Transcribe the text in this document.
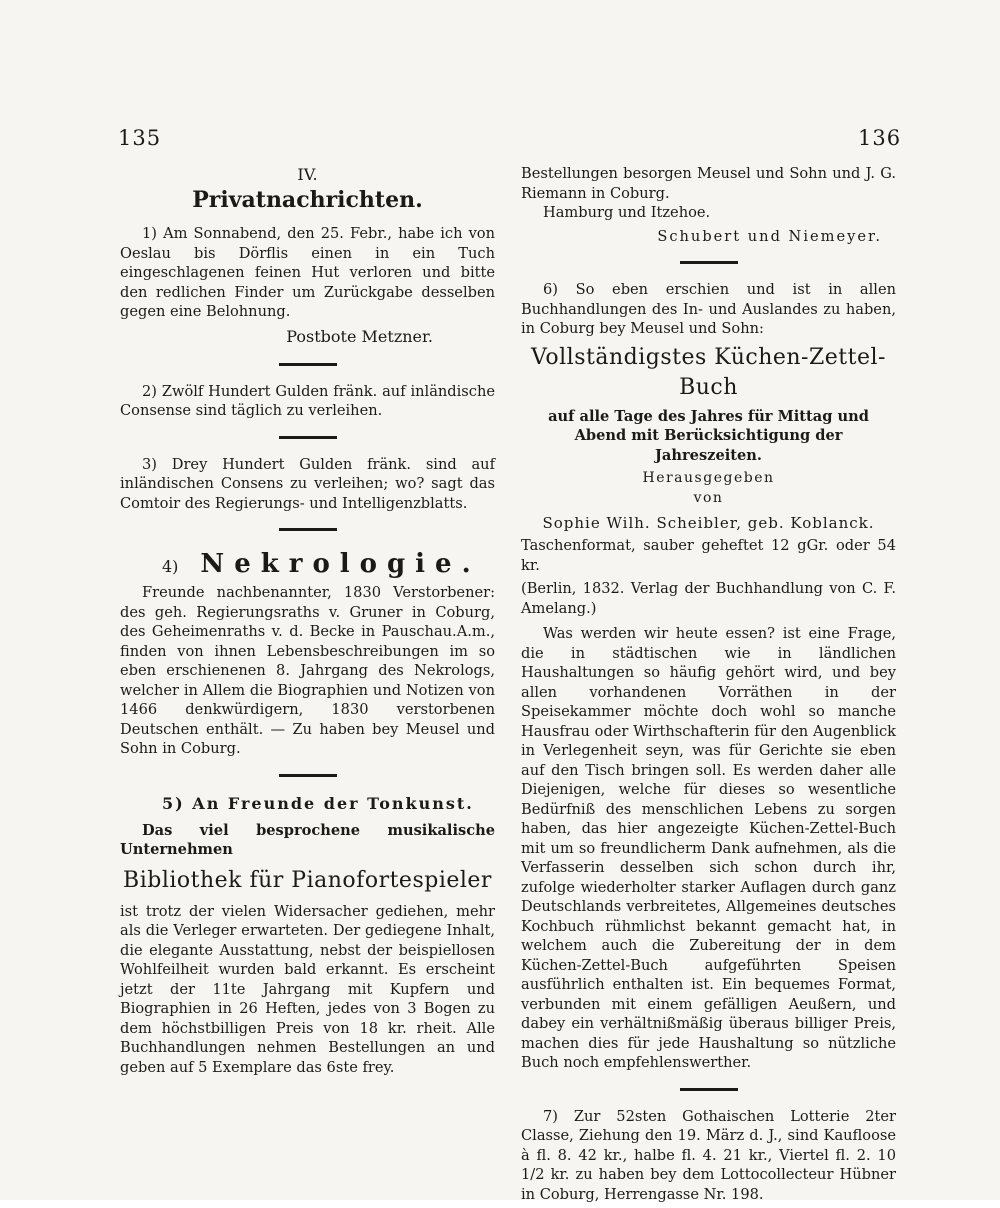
135	136
IV.
Privatnachrichten.
1) Am Sonnabend, den 25. Febr., habe ich von Oeslau bis Dörflis einen in ein Tuch eingeschlagenen feinen Hut verloren und bitte den redlichen Finder um Zurückgabe desselben gegen eine Belohnung.
Postbote Metzner.
2) Zwölf Hundert Gulden fränk. auf inländische Consense sind täglich zu verleihen.
3) Drey Hundert Gulden fränk. sind auf inländischen Consens zu verleihen; wo? sagt das Comtoir des Regierungs- und Intelligenzblatts.
4) Nekrologie.
Freunde nachbenannter, 1830 Verstorbener: des geh. Regierungsraths v. Gruner in Coburg, des Geheimenraths v. d. Becke in Pauschau.A.m., finden von ihnen Lebensbeschreibungen im so eben erschienenen 8. Jahrgang des Nekrologs, welcher in Allem die Biographien und Notizen von 1466 denkwürdigern, 1830 verstorbenen Deutschen enthält. — Zu haben bey Meusel und Sohn in Coburg.
5) An Freunde der Tonkunst.
Das viel besprochene musikalische Unternehmen
Bibliothek für Pianofortespieler
ist trotz der vielen Widersacher gediehen, mehr als die Verleger erwarteten. Der gediegene Inhalt, die elegante Ausstattung, nebst der beispiellosen Wohlfeilheit wurden bald erkannt. Es erscheint jetzt der 11te Jahrgang mit Kupfern und Biographien in 26 Heften, jedes von 3 Bogen zu dem höchstbilligen Preis von 18 kr. rheit. Alle Buchhandlungen nehmen Bestellungen an und geben auf 5 Exemplare das 6ste frey.
Bestellungen besorgen Meusel und Sohn und J. G. Riemann in Coburg.
Hamburg und Itzehoe.
Schubert und Niemeyer.
6) So eben erschien und ist in allen Buchhandlungen des In- und Auslandes zu haben, in Coburg bey Meusel und Sohn:
Vollständigstes Küchen-Zettel-Buch
auf alle Tage des Jahres für Mittag und Abend mit Berücksichtigung der Jahreszeiten.
Herausgegeben
von
Sophie Wilh. Scheibler, geb. Koblanck.
Taschenformat, sauber geheftet 12 gGr. oder 54 kr.
(Berlin, 1832. Verlag der Buchhandlung von C. F. Amelang.)
Was werden wir heute essen? ist eine Frage, die in städtischen wie in ländlichen Haushaltungen so häufig gehört wird, und bey allen vorhandenen Vorräthen in der Speisekammer möchte doch wohl so manche Hausfrau oder Wirthschafterin für den Augenblick in Verlegenheit seyn, was für Gerichte sie eben auf den Tisch bringen soll. Es werden daher alle Diejenigen, welche für dieses so wesentliche Bedürfniß des menschlichen Lebens zu sorgen haben, das hier angezeigte Küchen-Zettel-Buch mit um so freundlicherm Dank aufnehmen, als die Verfasserin desselben sich schon durch ihr, zufolge wiederholter starker Auflagen durch ganz Deutschlands verbreitetes, Allgemeines deutsches Kochbuch rühmlichst bekannt gemacht hat, in welchem auch die Zubereitung der in dem Küchen-Zettel-Buch aufgeführten Speisen ausführlich enthalten ist. Ein bequemes Format, verbunden mit einem gefälligen Aeußern, und dabey ein verhältnißmäßig überaus billiger Preis, machen dies für jede Haushaltung so nützliche Buch noch empfehlenswerther.
7) Zur 52sten Gothaischen Lotterie 2ter Classe, Ziehung den 19. März d. J., sind Kaufloose à fl. 8. 42 kr., halbe fl. 4. 21 kr., Viertel fl. 2. 10 1/2 kr. zu haben bey dem Lottocollecteur Hübner in Coburg, Herrengasse Nr. 198.
